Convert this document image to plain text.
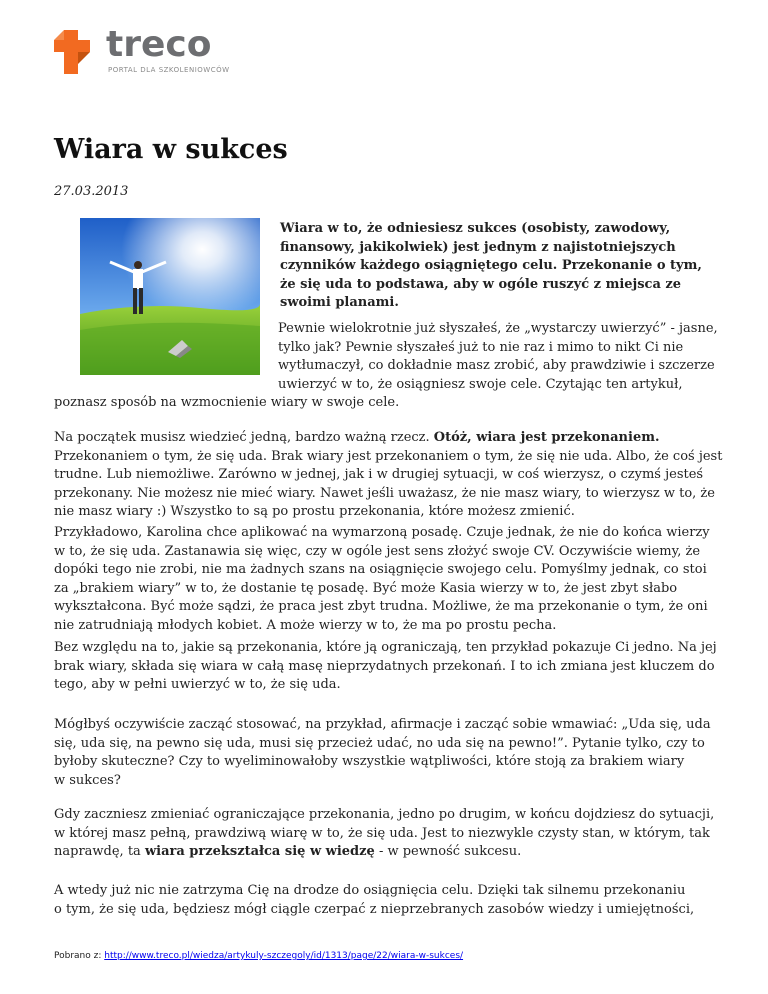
treco
PORTAL DLA SZKOLENIOWCÓW
Wiara w sukces
27.03.2013

Wiara w to, że odniesiesz sukces (osobisty, zawodowy,
finansowy, jakikolwiek) jest jednym z najistotniejszych
czynników każdego osiągniętego celu. Przekonanie o tym,
że się uda to podstawa, aby w ogóle ruszyć z miejsca ze
swoimi planami.

Pewnie wielokrotnie już słyszałeś, że „wystarczy uwierzyć” - jasne,
tylko jak? Pewnie słyszałeś już to nie raz i mimo to nikt Ci nie
wytłumaczył, co dokładnie masz zrobić, aby prawdziwie i szczerze
uwierzyć w to, że osiągniesz swoje cele. Czytając ten artykuł,

poznasz sposób na wzmocnienie wiary w swoje cele.

Na początek musisz wiedzieć jedną, bardzo ważną rzecz. Otóż, wiara jest przekonaniem.
Przekonaniem o tym, że się uda. Brak wiary jest przekonaniem o tym, że się nie uda. Albo, że coś jest
trudne. Lub niemożliwe. Zarówno w jednej, jak i w drugiej sytuacji, w coś wierzysz, o czymś jesteś
przekonany. Nie możesz nie mieć wiary. Nawet jeśli uważasz, że nie masz wiary, to wierzysz w to, że
nie masz wiary :) Wszystko to są po prostu przekonania, które możesz zmienić.

Przykładowo, Karolina chce aplikować na wymarzoną posadę. Czuje jednak, że nie do końca wierzy
w to, że się uda. Zastanawia się więc, czy w ogóle jest sens złożyć swoje CV. Oczywiście wiemy, że
dopóki tego nie zrobi, nie ma żadnych szans na osiągnięcie swojego celu. Pomyślmy jednak, co stoi
za „brakiem wiary” w to, że dostanie tę posadę. Być może Kasia wierzy w to, że jest zbyt słabo
wykształcona. Być może sądzi, że praca jest zbyt trudna. Możliwe, że ma przekonanie o tym, że oni
nie zatrudniają młodych kobiet. A może wierzy w to, że ma po prostu pecha.

Bez względu na to, jakie są przekonania, które ją ograniczają, ten przykład pokazuje Ci jedno. Na jej
brak wiary, składa się wiara w całą masę nieprzydatnych przekonań. I to ich zmiana jest kluczem do
tego, aby w pełni uwierzyć w to, że się uda.

Mógłbyś oczywiście zacząć stosować, na przykład, afirmacje i zacząć sobie wmawiać: „Uda się, uda
się, uda się, na pewno się uda, musi się przecież udać, no uda się na pewno!”. Pytanie tylko, czy to
byłoby skuteczne? Czy to wyeliminowałoby wszystkie wątpliwości, które stoją za brakiem wiary
w sukces?

Gdy zaczniesz zmieniać ograniczające przekonania, jedno po drugim, w końcu dojdziesz do sytuacji,
w której masz pełną, prawdziwą wiarę w to, że się uda. Jest to niezwykle czysty stan, w którym, tak
naprawdę, ta wiara przekształca się w wiedzę - w pewność sukcesu.

A wtedy już nic nie zatrzyma Cię na drodze do osiągnięcia celu. Dzięki tak silnemu przekonaniu
o tym, że się uda, będziesz mógł ciągle czerpać z nieprzebranych zasobów wiedzy i umiejętności,

Pobrano z: http://www.treco.pl/wiedza/artykuly-szczegoly/id/1313/page/22/wiara-w-sukces/
